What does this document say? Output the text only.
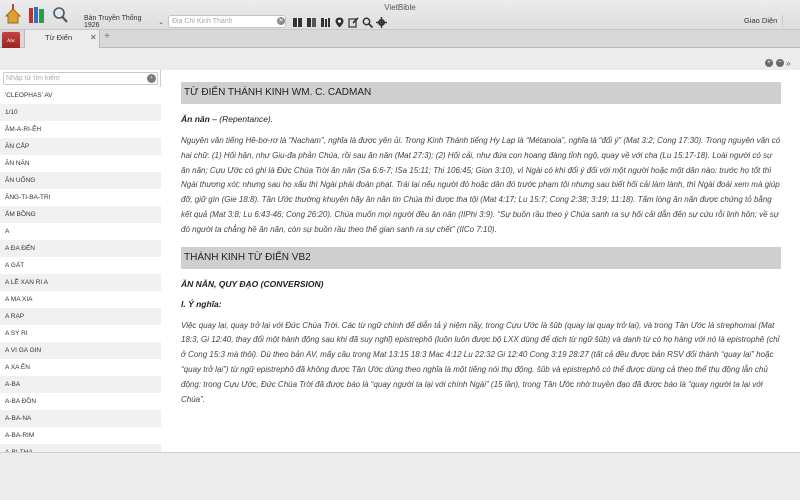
VietBible
Bản Truyền Thống 1926	⌄	Địa Chỉ Kinh Thánh	✕	Giao Diện
Abc	Từ Điển	✕ +
+ − »
Nhập từ tìm kiếm	›
'CLEOPHAS' AV
1/10
ÂM-A-RI-ÊH
ĂN CẮP
ĂN NĂN
ĂN UỐNG
ĂNG-TI-BA-TRI
ẤM BỒNG
A
A ĐA ĐẾN
A GÁT
A LỄ XAN RI A
A MA XIA
A RẠP
A SY RI
A VI GA GIN
A XA ÊN
A-BA
A-BA ĐỒN
A-BA-NA
A-BA-RIM
TỪ ĐIỂN THÁNH KINH WM. C. CADMAN
Ăn năn – (Repentance).
Nguyên văn tiếng Hê-bơ-rơ là “Nacham”, nghĩa là được yên ủi. Trong Kinh Thánh tiếng Hy Lạp là “Métanoia”, nghĩa là “đổi ý” (Mat 3:2; Cong 17:30). Trong nguyên văn có hai chữ: (1) Hối hận, như Giu-đa phản Chúa, rồi sau ăn năn (Mat 27:3); (2) Hối cải, như đứa con hoang đàng tỉnh ngộ, quay về với cha (Lu 15:17-18). Loài người có sự ăn năn; Cựu Ước có ghi là Đức Chúa Trời ăn năn (Sa 6:6-7; ISa 15:11; Thi 106:45; Gion 3:10), vì Ngài có khi đổi ý đối với một người hoặc một dân nào: trước họ tốt thì Ngài thương xót; nhưng sau họ xấu thì Ngài phái đoán phạt. Trái lại nếu người đó hoặc dân đó trước phạm tội nhưng sau biết hối cải làm lành, thì Ngài đoái xem mà giúp đỡ, giữ gìn (Gie 18:8). Tân Ước thường khuyên hãy ăn năn tin Chúa thì được tha tội (Mat 4:17; Lu 15:7; Cong 2:38; 3:19; 11:18). Tấm lòng ăn năn được chứng tỏ bằng kết quả (Mat 3:8; Lu 6:43-46; Cong 26:20). Chúa muốn mọi người đều ăn năn (IIPhi 3:9). “Sự buồn rầu theo ý Chúa sanh ra sự hối cải dẫn đến sự cứu rỗi linh hồn; về sự đó người ta chẳng hề ăn năn, còn sự buồn rầu theo thế gian sanh ra sự chết” (IICo 7:10).
THÁNH KINH TỪ ĐIỂN VB2
ĂN NĂN, QUY ĐẠO (CONVERSION)
I. Ý nghĩa:
Việc quay lại, quay trở lại với Đức Chúa Trời. Các từ ngữ chính để diễn tả ý niệm nầy, trong Cựu Ước là šûb (quay lại quay trở lại), và trong Tân Ước là strephomai (Mat 18:3, Gi 12:40, thay đổi một hành động sau khi đã suy nghĩ) epistrephô (luôn luôn được bộ LXX dùng để dịch từ ngữ šûb) và danh từ có họ hàng với nó là epistrophê (chỉ ở Cong 15:3 mà thôi). Dù theo bản AV, mấy câu trong Mat 13:15 18:3 Mac 4:12 Lu 22:32 Gi 12:40 Cong 3:19 28:27 (tất cả đều được bản RSV đổi thành “quay lại” hoặc “quay trở lại”) từ ngữ epistrephô đã không được Tân Ước dùng theo nghĩa là một tiếng nói thụ động. šûb và epistrephô có thể được dùng cả theo thể thụ động lẫn chủ động: trong Cựu Ước, Đức Chúa Trời đã được báo là “quay người ta lại với chính Ngài” (15 lần), trong Tân Ước nhờ truyền đạo đã được báo là “quay người ta lại với Chúa”.
